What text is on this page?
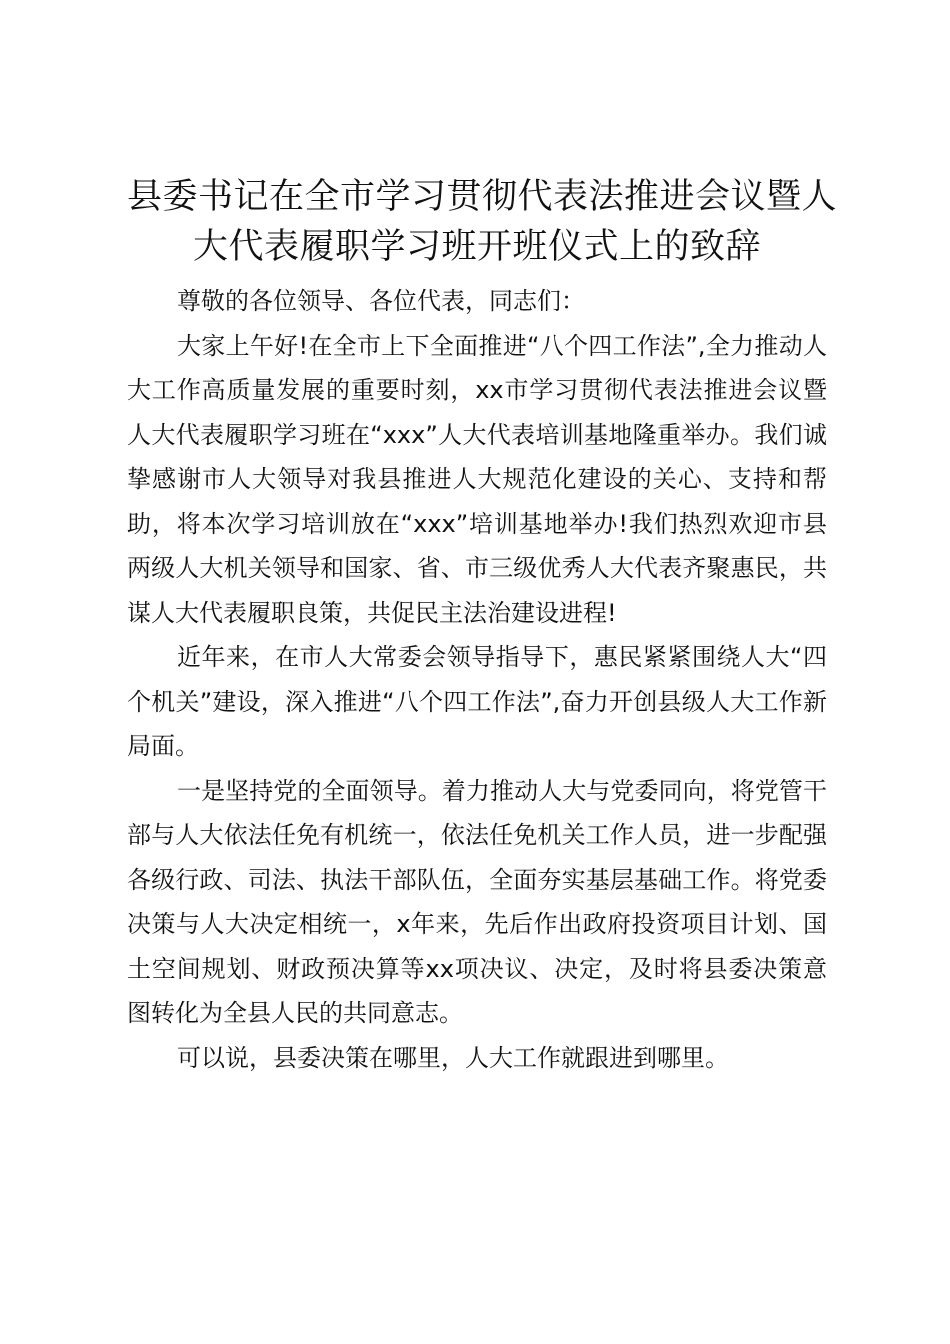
县委书记在全市学习贯彻代表法推进会议暨人
大代表履职学习班开班仪式上的致辞

尊敬的各位领导、各位代表，同志们：

大家上午好!在全市上下全面推进“八个四工作法”,全力推动人大工作高质量发展的重要时刻，xx市学习贯彻代表法推进会议暨人大代表履职学习班在“xxx”人大代表培训基地隆重举办。我们诚挚感谢市人大领导对我县推进人大规范化建设的关心、支持和帮助，将本次学习培训放在“xxx”培训基地举办!我们热烈欢迎市县两级人大机关领导和国家、省、市三级优秀人大代表齐聚惠民，共谋人大代表履职良策，共促民主法治建设进程!

近年来，在市人大常委会领导指导下，惠民紧紧围绕人大“四个机关”建设，深入推进“八个四工作法”,奋力开创县级人大工作新局面。

一是坚持党的全面领导。着力推动人大与党委同向，将党管干部与人大依法任免有机统一，依法任免机关工作人员，进一步配强各级行政、司法、执法干部队伍，全面夯实基层基础工作。将党委决策与人大决定相统一，x年来，先后作出政府投资项目计划、国土空间规划、财政预决算等xx项决议、决定，及时将县委决策意图转化为全县人民的共同意志。

可以说，县委决策在哪里，人大工作就跟进到哪里。
